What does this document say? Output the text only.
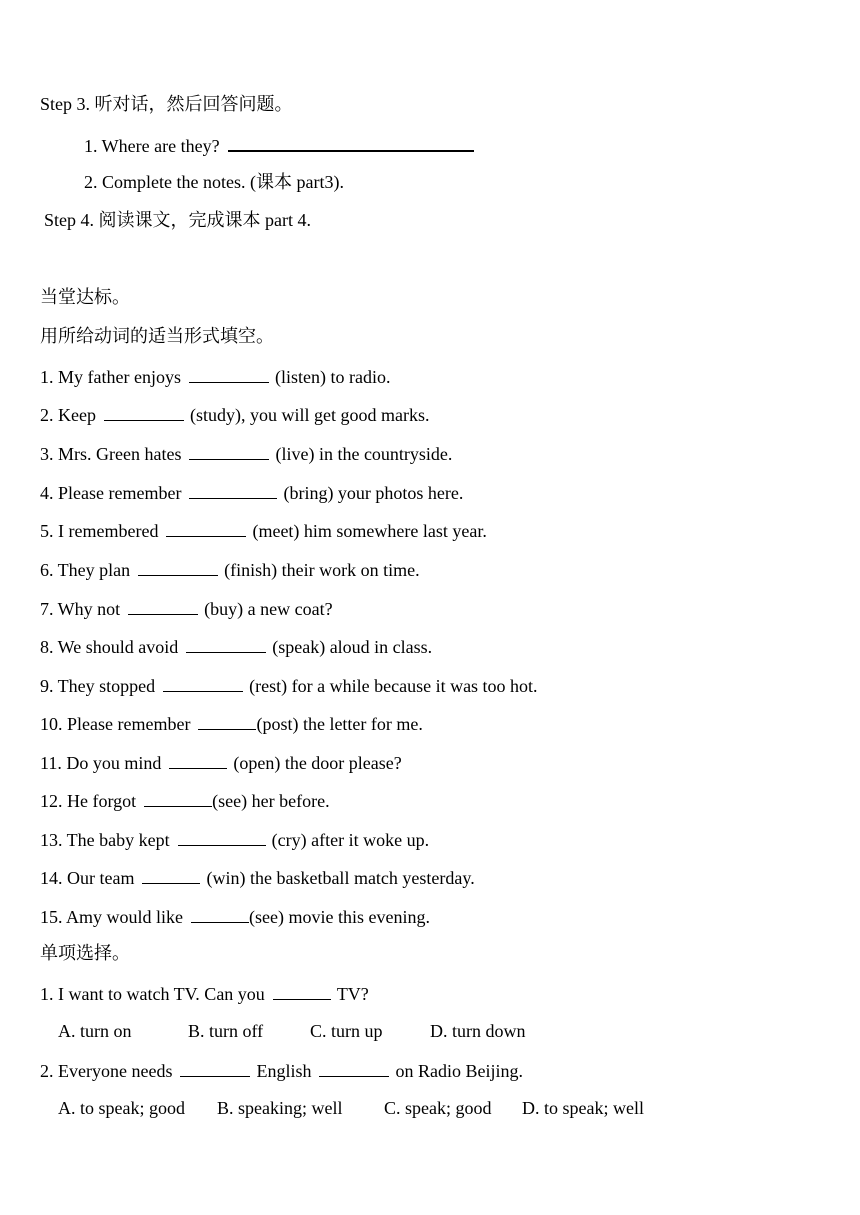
Step 3. 听对话，然后回答问题。
1. Where are they?
2. Complete the notes. (课本 part3).
Step 4. 阅读课文，完成课本 part 4.
当堂达标。
用所给动词的适当形式填空。
1. My father enjoys	(listen) to radio.
2. Keep	(study), you will get good marks.
3. Mrs. Green hates	(live) in the countryside.
4. Please remember	(bring) your photos here.
5. I remembered	(meet) him somewhere last year.
6. They plan	(finish) their work on time.
7. Why not	(buy) a new coat?
8. We should avoid	(speak) aloud in class.
9. They stopped	(rest) for a while because it was too hot.
10. Please remember	(post) the letter for me.
11. Do you mind	(open) the door please?
12. He forgot	(see) her before.
13. The baby kept	(cry) after it woke up.
14. Our team	(win) the basketball match yesterday.
15. Amy would like	(see) movie this evening.
单项选择。
1. I want to watch TV. Can you	TV?
A. turn on	B. turn off	C. turn up	D. turn down
2. Everyone needs	English	on Radio Beijing.
A. to speak; good B. speaking; well C. speak; good D. to speak; well
